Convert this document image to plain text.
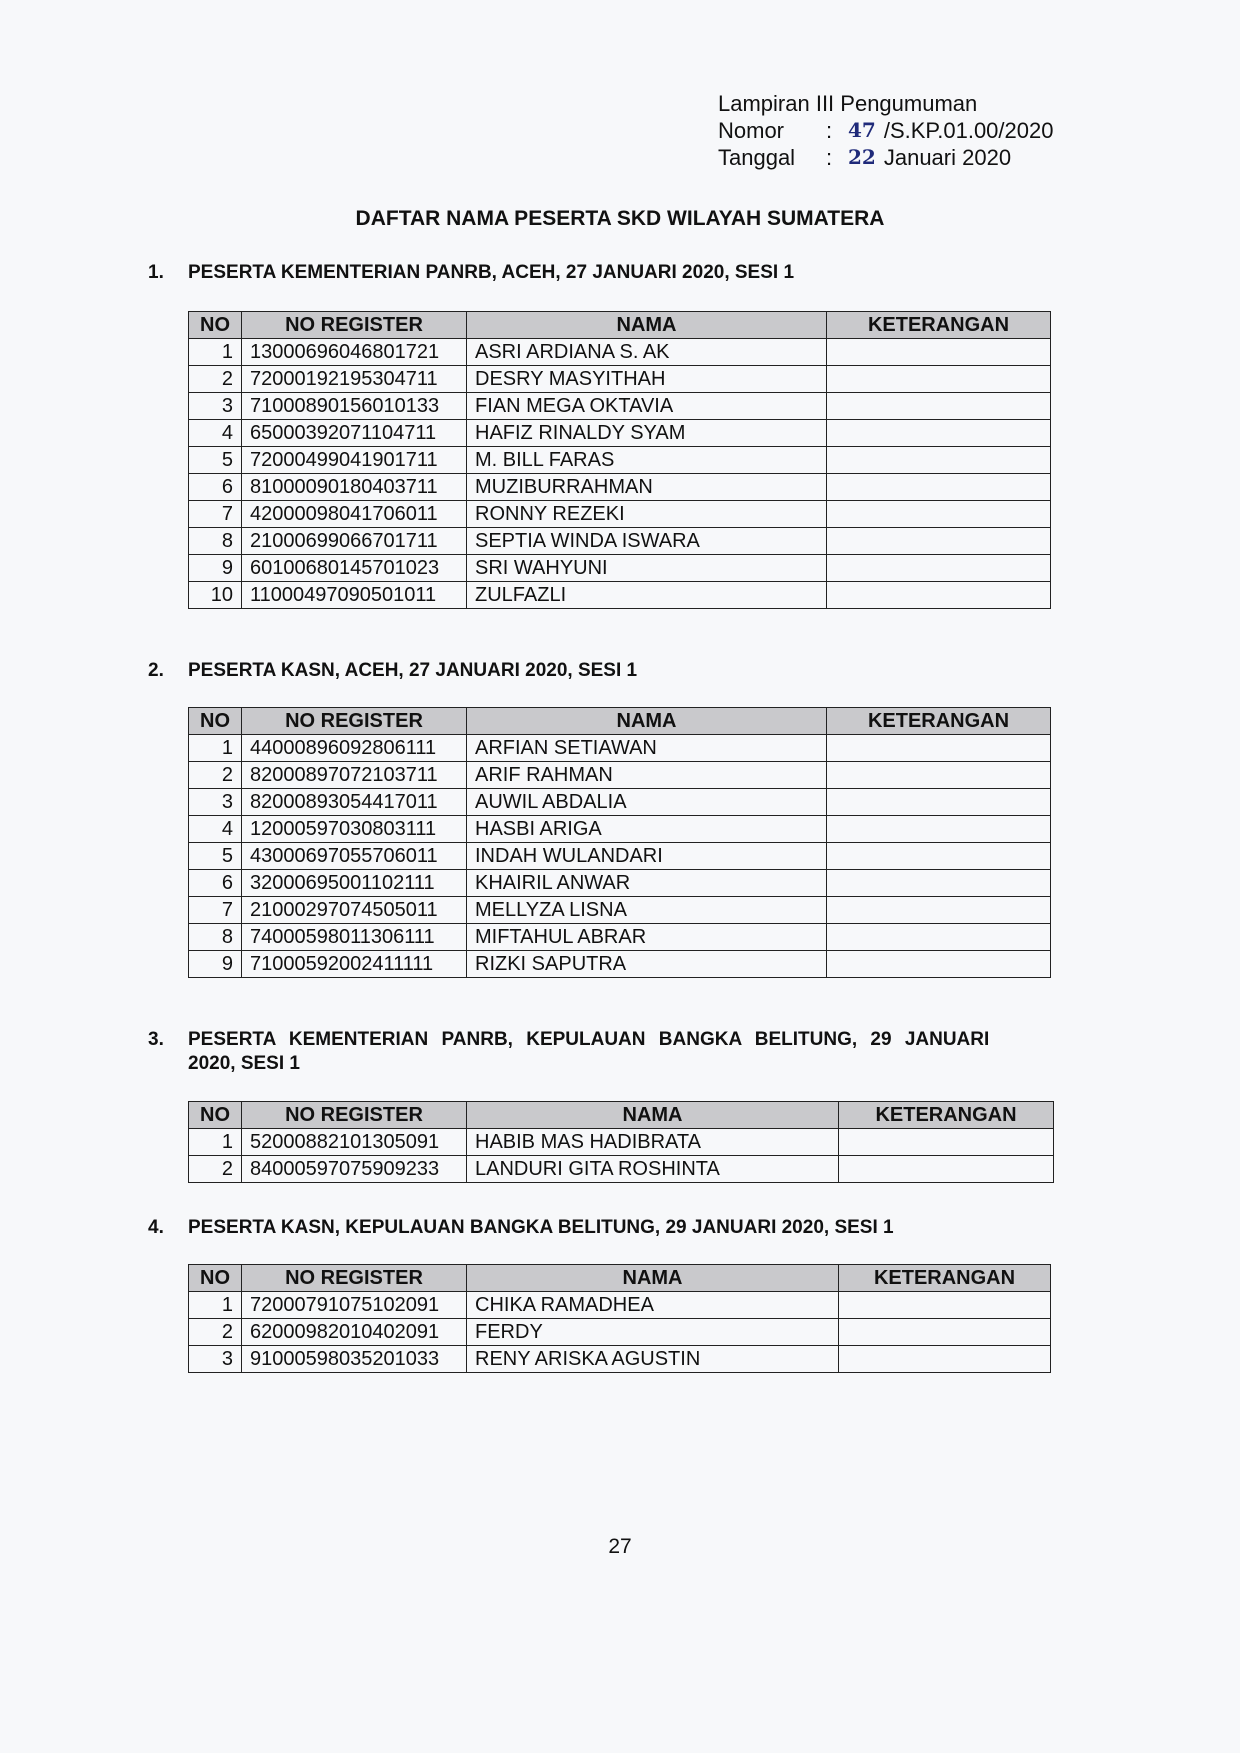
Lampiran III Pengumuman
Nomor	: 47 /S.KP.01.00/2020
Tanggal	: 22 Januari 2020
DAFTAR NAMA PESERTA SKD WILAYAH SUMATERA
1.	PESERTA KEMENTERIAN PANRB, ACEH, 27 JANUARI 2020, SESI 1
NO	NO REGISTER	NAMA	KETERANGAN
1	13000696046801721	ASRI ARDIANA S. AK	
2	72000192195304711	DESRY MASYITHAH	
3	71000890156010133	FIAN MEGA OKTAVIA	
4	65000392071104711	HAFIZ RINALDY SYAM	
5	72000499041901711	M. BILL FARAS	
6	81000090180403711	MUZIBURRAHMAN	
7	42000098041706011	RONNY REZEKI	
8	21000699066701711	SEPTIA WINDA ISWARA	
9	60100680145701023	SRI WAHYUNI	
10	11000497090501011	ZULFAZLI	
2.	PESERTA KASN, ACEH, 27 JANUARI 2020, SESI 1
NO	NO REGISTER	NAMA	KETERANGAN
1	44000896092806111	ARFIAN SETIAWAN	
2	82000897072103711	ARIF RAHMAN	
3	82000893054417011	AUWIL ABDALIA	
4	12000597030803111	HASBI ARIGA	
5	43000697055706011	INDAH WULANDARI	
6	32000695001102111	KHAIRIL ANWAR	
7	21000297074505011	MELLYZA LISNA	
8	74000598011306111	MIFTAHUL ABRAR	
9	71000592002411111	RIZKI SAPUTRA	
3.	PESERTA KEMENTERIAN PANRB, KEPULAUAN BANGKA BELITUNG, 29 JANUARI
2020, SESI 1
NO	NO REGISTER	NAMA	KETERANGAN
1	52000882101305091	HABIB MAS HADIBRATA	
2	84000597075909233	LANDURI GITA ROSHINTA	
4.	PESERTA KASN, KEPULAUAN BANGKA BELITUNG, 29 JANUARI 2020, SESI 1
NO	NO REGISTER	NAMA	KETERANGAN
1	72000791075102091	CHIKA RAMADHEA	
2	62000982010402091	FERDY	
3	91000598035201033	RENY ARISKA AGUSTIN	
27
